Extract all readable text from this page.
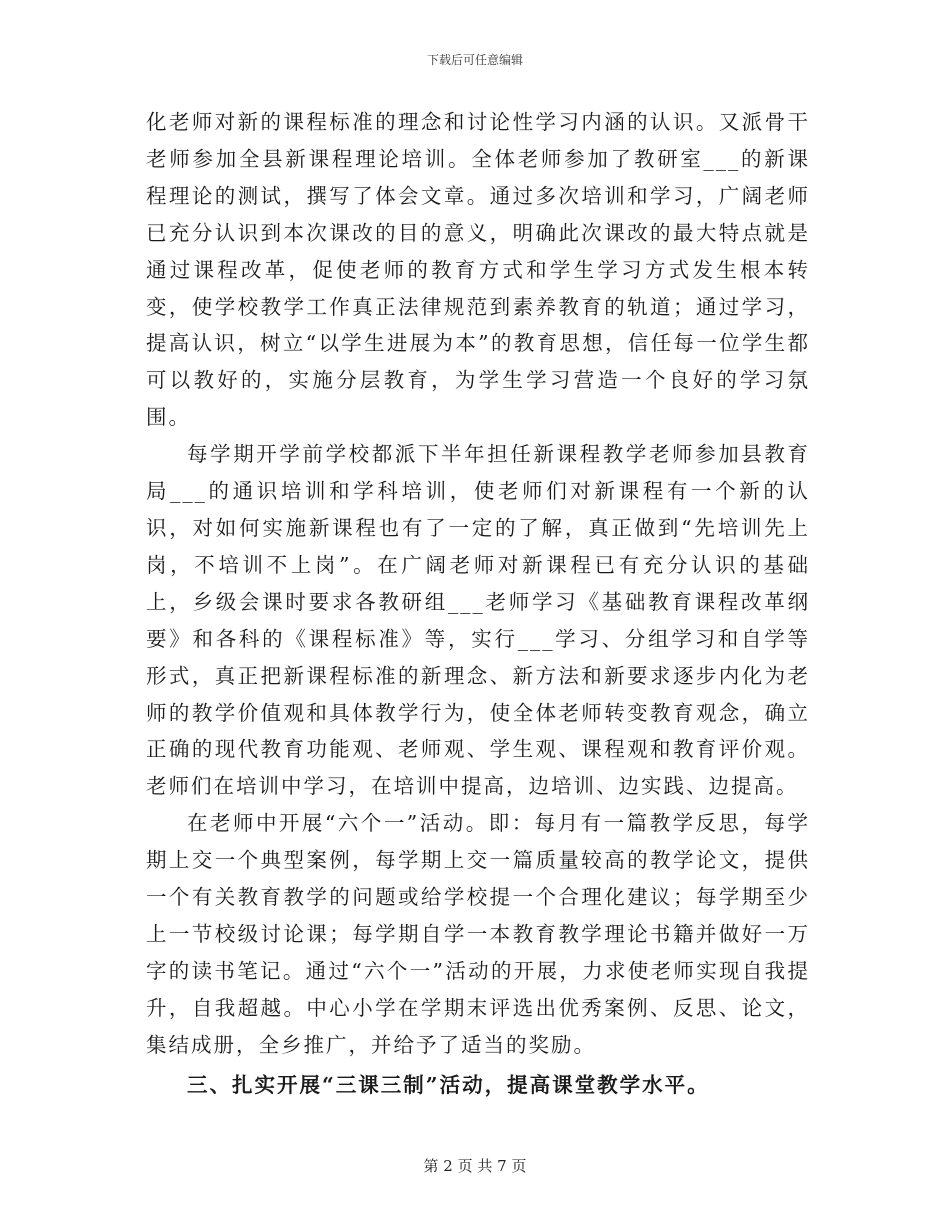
下载后可任意编辑

化老师对新的课程标准的理念和讨论性学习内涵的认识。又派骨干老师参加全县新课程理论培训。全体老师参加了教研室___的新课程理论的测试，撰写了体会文章。通过多次培训和学习，广阔老师已充分认识到本次课改的目的意义，明确此次课改的最大特点就是通过课程改革，促使老师的教育方式和学生学习方式发生根本转变，使学校教学工作真正法律规范到素养教育的轨道；通过学习，提高认识，树立“以学生进展为本”的教育思想，信任每一位学生都可以教好的，实施分层教育，为学生学习营造一个良好的学习氛围。

每学期开学前学校都派下半年担任新课程教学老师参加县教育局___的通识培训和学科培训，使老师们对新课程有一个新的认识，对如何实施新课程也有了一定的了解，真正做到“先培训先上岗，不培训不上岗”。在广阔老师对新课程已有充分认识的基础上，乡级会课时要求各教研组___老师学习《基础教育课程改革纲要》和各科的《课程标准》等，实行___学习、分组学习和自学等形式，真正把新课程标准的新理念、新方法和新要求逐步内化为老师的教学价值观和具体教学行为，使全体老师转变教育观念，确立正确的现代教育功能观、老师观、学生观、课程观和教育评价观。老师们在培训中学习，在培训中提高，边培训、边实践、边提高。

在老师中开展“六个一”活动。即：每月有一篇教学反思，每学期上交一个典型案例，每学期上交一篇质量较高的教学论文，提供一个有关教育教学的问题或给学校提一个合理化建议；每学期至少上一节校级讨论课；每学期自学一本教育教学理论书籍并做好一万字的读书笔记。通过“六个一”活动的开展，力求使老师实现自我提升，自我超越。中心小学在学期末评选出优秀案例、反思、论文，集结成册，全乡推广，并给予了适当的奖励。

三、扎实开展“三课三制”活动，提高课堂教学水平。

第 2 页 共 7 页
